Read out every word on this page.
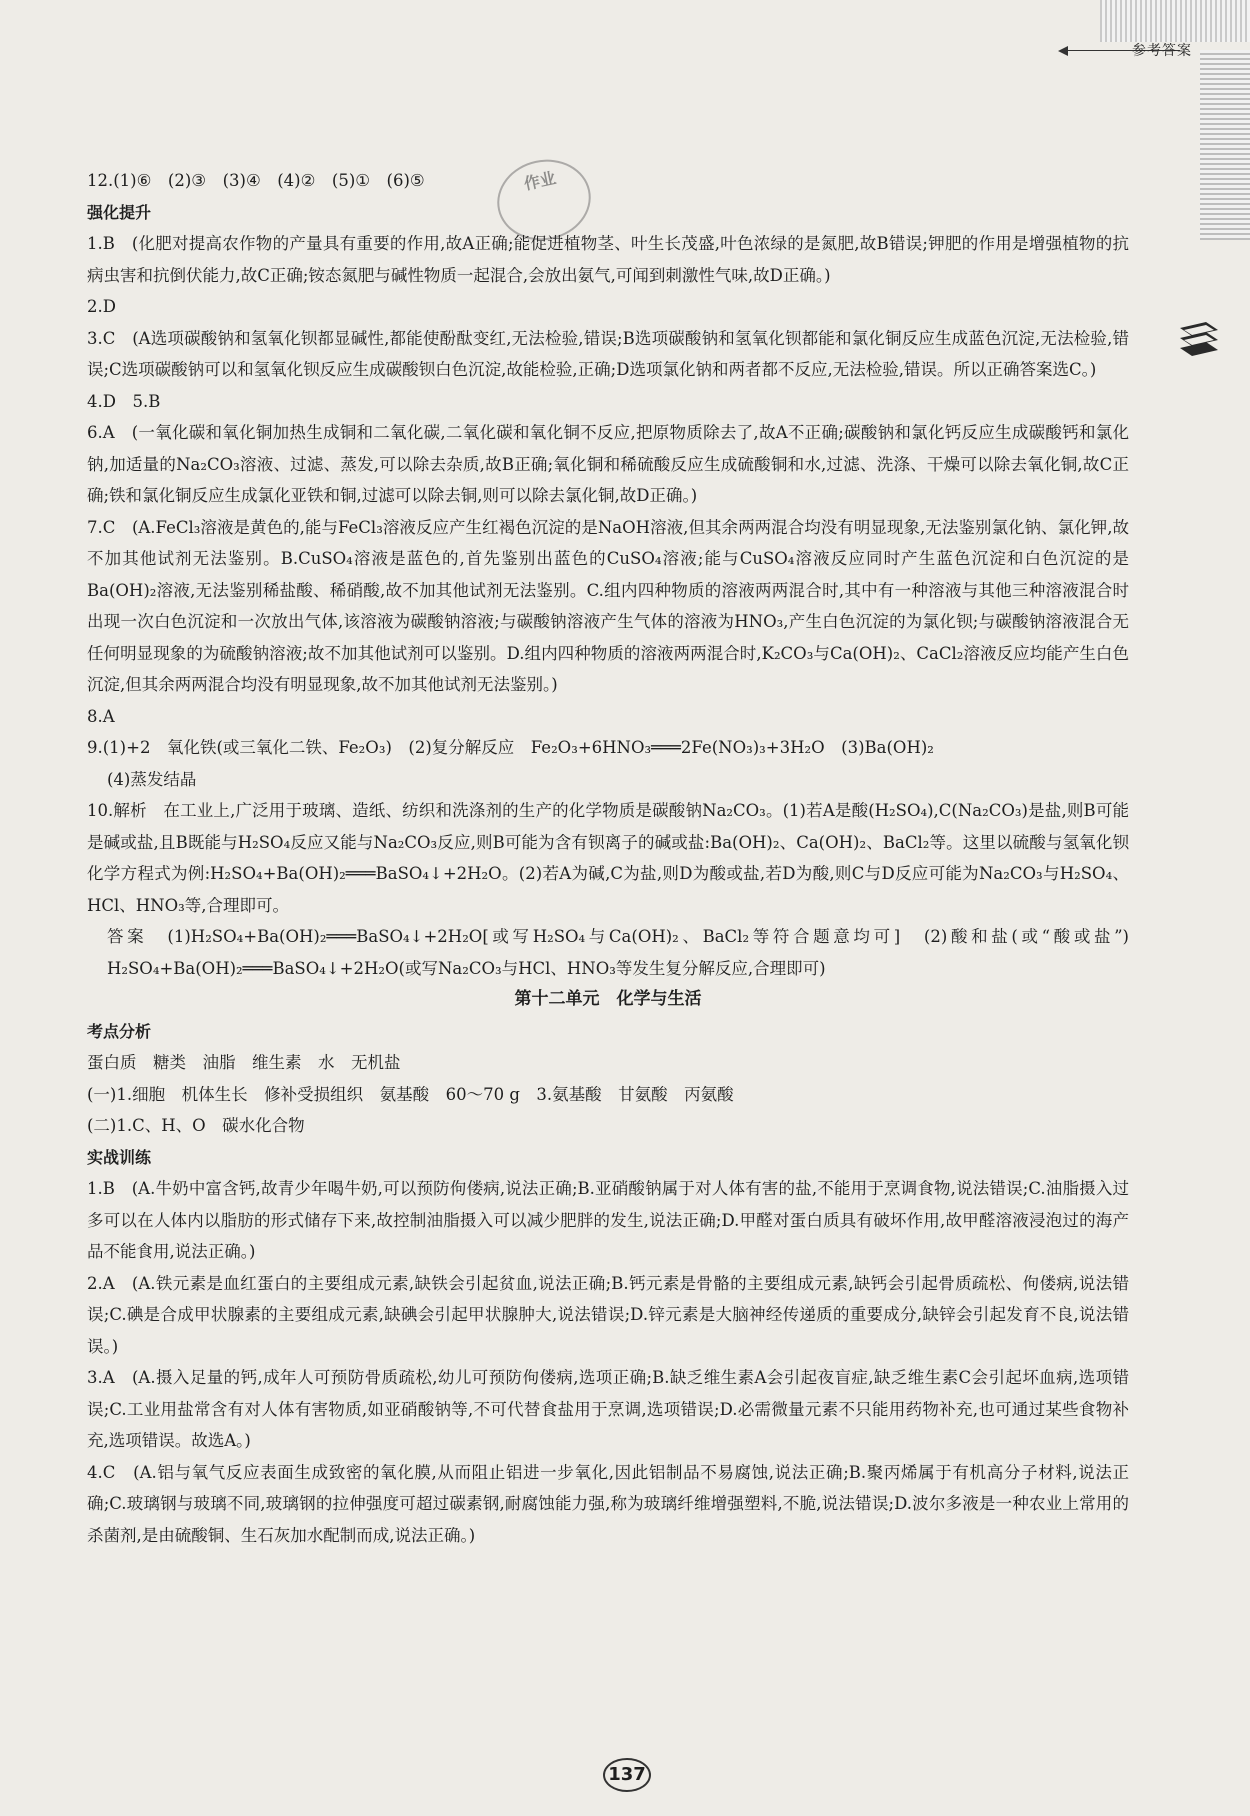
参考答案
作业

12.(1)⑥　(2)③　(3)④　(4)②　(5)①　(6)⑤

强化提升

1.B　(化肥对提高农作物的产量具有重要的作用,故A正确;能促进植物茎、叶生长茂盛,叶色浓绿的是氮肥,故B错误;钾肥的作用是增强植物的抗病虫害和抗倒伏能力,故C正确;铵态氮肥与碱性物质一起混合,会放出氨气,可闻到刺激性气味,故D正确。)

2.D

3.C　(A选项碳酸钠和氢氧化钡都显碱性,都能使酚酞变红,无法检验,错误;B选项碳酸钠和氢氧化钡都能和氯化铜反应生成蓝色沉淀,无法检验,错误;C选项碳酸钠可以和氢氧化钡反应生成碳酸钡白色沉淀,故能检验,正确;D选项氯化钠和两者都不反应,无法检验,错误。所以正确答案选C。)

4.D　5.B

6.A　(一氧化碳和氧化铜加热生成铜和二氧化碳,二氧化碳和氧化铜不反应,把原物质除去了,故A不正确;碳酸钠和氯化钙反应生成碳酸钙和氯化钠,加适量的Na₂CO₃溶液、过滤、蒸发,可以除去杂质,故B正确;氧化铜和稀硫酸反应生成硫酸铜和水,过滤、洗涤、干燥可以除去氧化铜,故C正确;铁和氯化铜反应生成氯化亚铁和铜,过滤可以除去铜,则可以除去氯化铜,故D正确。)

7.C　(A.FeCl₃溶液是黄色的,能与FeCl₃溶液反应产生红褐色沉淀的是NaOH溶液,但其余两两混合均没有明显现象,无法鉴别氯化钠、氯化钾,故不加其他试剂无法鉴别。B.CuSO₄溶液是蓝色的,首先鉴别出蓝色的CuSO₄溶液;能与CuSO₄溶液反应同时产生蓝色沉淀和白色沉淀的是Ba(OH)₂溶液,无法鉴别稀盐酸、稀硝酸,故不加其他试剂无法鉴别。C.组内四种物质的溶液两两混合时,其中有一种溶液与其他三种溶液混合时出现一次白色沉淀和一次放出气体,该溶液为碳酸钠溶液;与碳酸钠溶液产生气体的溶液为HNO₃,产生白色沉淀的为氯化钡;与碳酸钠溶液混合无任何明显现象的为硫酸钠溶液;故不加其他试剂可以鉴别。D.组内四种物质的溶液两两混合时,K₂CO₃与Ca(OH)₂、CaCl₂溶液反应均能产生白色沉淀,但其余两两混合均没有明显现象,故不加其他试剂无法鉴别。)

8.A

9.(1)+2　氧化铁(或三氧化二铁、Fe₂O₃)　(2)复分解反应　Fe₂O₃+6HNO₃═══2Fe(NO₃)₃+3H₂O　(3)Ba(OH)₂

(4)蒸发结晶

10.解析　在工业上,广泛用于玻璃、造纸、纺织和洗涤剂的生产的化学物质是碳酸钠Na₂CO₃。(1)若A是酸(H₂SO₄),C(Na₂CO₃)是盐,则B可能是碱或盐,且B既能与H₂SO₄反应又能与Na₂CO₃反应,则B可能为含有钡离子的碱或盐:Ba(OH)₂、Ca(OH)₂、BaCl₂等。这里以硫酸与氢氧化钡化学方程式为例:H₂SO₄+Ba(OH)₂═══BaSO₄↓+2H₂O。(2)若A为碱,C为盐,则D为酸或盐,若D为酸,则C与D反应可能为Na₂CO₃与H₂SO₄、HCl、HNO₃等,合理即可。

答案　(1)H₂SO₄+Ba(OH)₂═══BaSO₄↓+2H₂O[或写H₂SO₄与Ca(OH)₂、BaCl₂等符合题意均可]　(2)酸和盐(或“酸或盐”)　H₂SO₄+Ba(OH)₂═══BaSO₄↓+2H₂O(或写Na₂CO₃与HCl、HNO₃等发生复分解反应,合理即可)

第十二单元　化学与生活

考点分析

蛋白质　糖类　油脂　维生素　水　无机盐

(一)1.细胞　机体生长　修补受损组织　氨基酸　60～70 g　3.氨基酸　甘氨酸　丙氨酸

(二)1.C、H、O　碳水化合物

实战训练

1.B　(A.牛奶中富含钙,故青少年喝牛奶,可以预防佝偻病,说法正确;B.亚硝酸钠属于对人体有害的盐,不能用于烹调食物,说法错误;C.油脂摄入过多可以在人体内以脂肪的形式储存下来,故控制油脂摄入可以减少肥胖的发生,说法正确;D.甲醛对蛋白质具有破坏作用,故甲醛溶液浸泡过的海产品不能食用,说法正确。)

2.A　(A.铁元素是血红蛋白的主要组成元素,缺铁会引起贫血,说法正确;B.钙元素是骨骼的主要组成元素,缺钙会引起骨质疏松、佝偻病,说法错误;C.碘是合成甲状腺素的主要组成元素,缺碘会引起甲状腺肿大,说法错误;D.锌元素是大脑神经传递质的重要成分,缺锌会引起发育不良,说法错误。)

3.A　(A.摄入足量的钙,成年人可预防骨质疏松,幼儿可预防佝偻病,选项正确;B.缺乏维生素A会引起夜盲症,缺乏维生素C会引起坏血病,选项错误;C.工业用盐常含有对人体有害物质,如亚硝酸钠等,不可代替食盐用于烹调,选项错误;D.必需微量元素不只能用药物补充,也可通过某些食物补充,选项错误。故选A。)

4.C　(A.铝与氧气反应表面生成致密的氧化膜,从而阻止铝进一步氧化,因此铝制品不易腐蚀,说法正确;B.聚丙烯属于有机高分子材料,说法正确;C.玻璃钢与玻璃不同,玻璃钢的拉伸强度可超过碳素钢,耐腐蚀能力强,称为玻璃纤维增强塑料,不脆,说法错误;D.波尔多液是一种农业上常用的杀菌剂,是由硫酸铜、生石灰加水配制而成,说法正确。)

137
